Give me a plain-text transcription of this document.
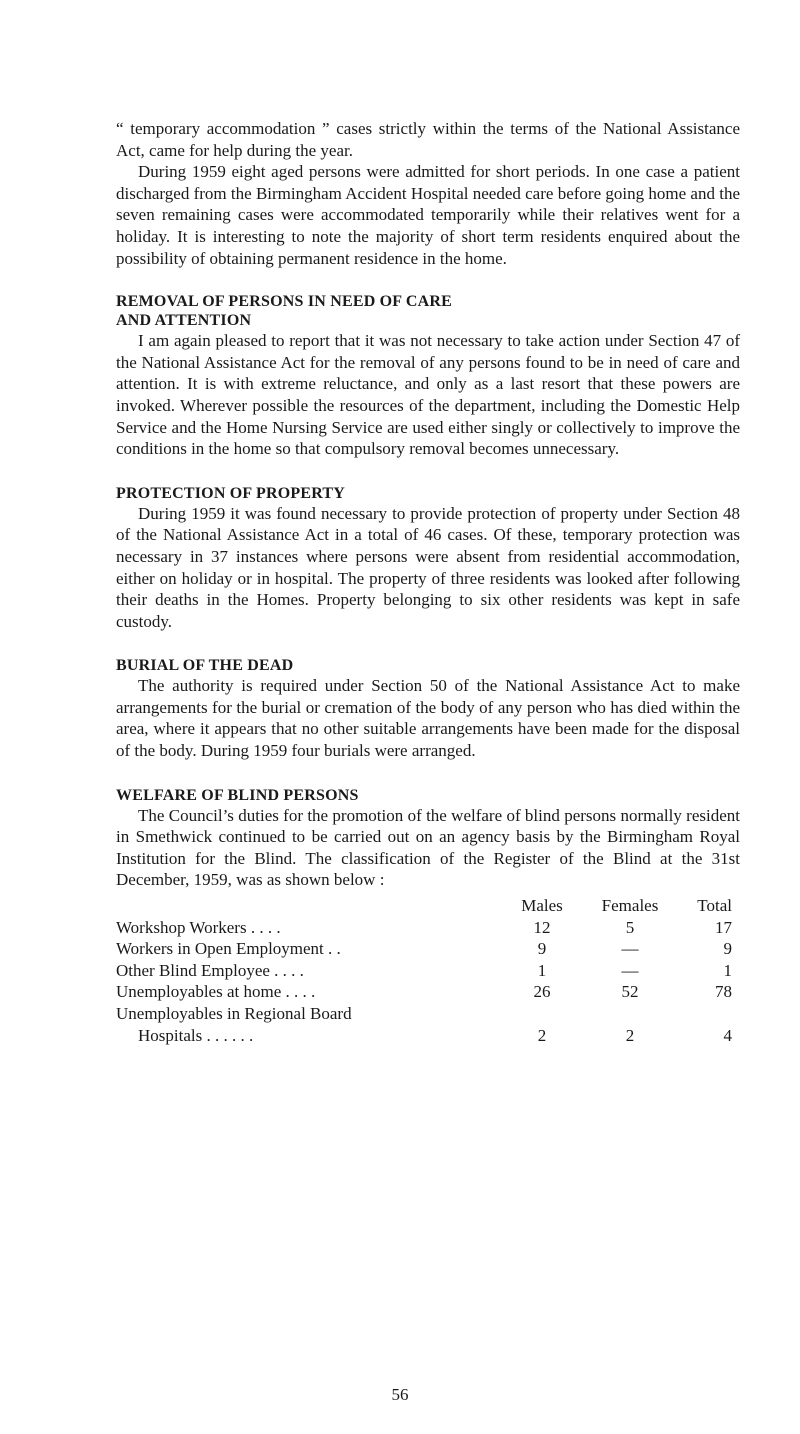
“ temporary accommodation ” cases strictly within the terms of the National Assistance Act, came for help during the year.

During 1959 eight aged persons were admitted for short periods. In one case a patient discharged from the Birmingham Accident Hospital needed care before going home and the seven remaining cases were accommodated temporarily while their relatives went for a holiday. It is interesting to note the majority of short term residents enquired about the possibility of obtaining permanent residence in the home.

REMOVAL OF PERSONS IN NEED OF CARE
AND ATTENTION

I am again pleased to report that it was not necessary to take action under Section 47 of the National Assistance Act for the removal of any persons found to be in need of care and attention. It is with extreme reluctance, and only as a last resort that these powers are invoked. Wherever possible the resources of the department, including the Domestic Help Service and the Home Nursing Service are used either singly or collectively to improve the conditions in the home so that compulsory removal becomes unnecessary.

PROTECTION OF PROPERTY

During 1959 it was found necessary to provide protection of property under Section 48 of the National Assistance Act in a total of 46 cases. Of these, temporary protection was necessary in 37 instances where persons were absent from residential accommodation, either on holiday or in hospital. The property of three residents was looked after following their deaths in the Homes. Property belonging to six other residents was kept in safe custody.

BURIAL OF THE DEAD

The authority is required under Section 50 of the National Assistance Act to make arrangements for the burial or cremation of the body of any person who has died within the area, where it appears that no other suitable arrangements have been made for the disposal of the body. During 1959 four burials were arranged.

WELFARE OF BLIND PERSONS

The Council’s duties for the promotion of the welfare of blind persons normally resident in Smethwick continued to be carried out on an agency basis by the Birmingham Royal Institution for the Blind. The classification of the Register of the Blind at the 31st December, 1959, was as shown below :

	Males	Females	Total
Workshop Workers . . . .	12	5	17
Workers in Open Employment . .	9	—	9
Other Blind Employee . . . .	1	—	1
Unemployables at home . . . .	26	52	78
Unemployables in Regional Board			
Hospitals . . . . . .	2	2	4
56
